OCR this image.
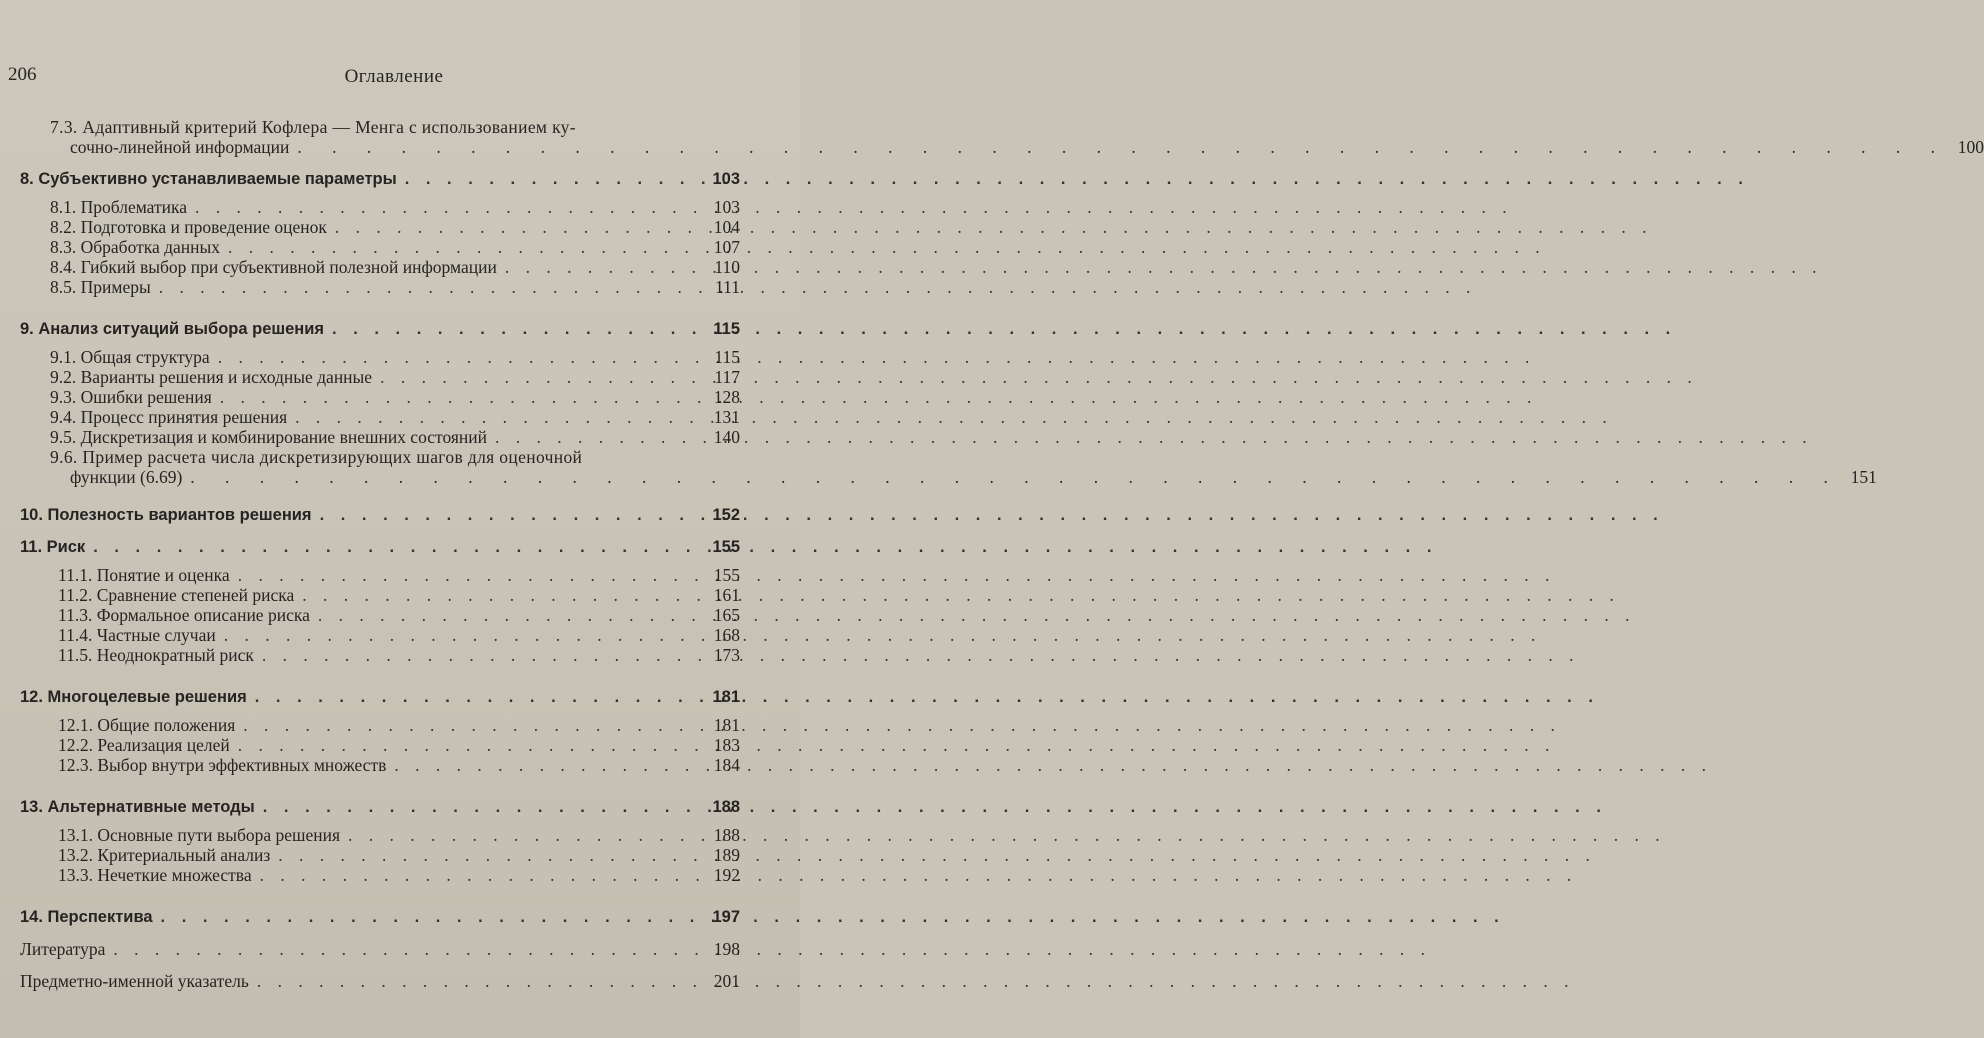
206	Оглавление
7.3. Адаптивный критерий Кофлера — Менга с использованием ку-
сочно-линейной информации . . .	100
8. Субъективно устанавливаемые параметры . . .	103
8.1. Проблематика . . .	103
8.2. Подготовка и проведение оценок . . .	104
8.3. Обработка данных . . .	107
8.4. Гибкий выбор при субъективной полезной информации . . .	110
8.5. Примеры . . .	111
9. Анализ ситуаций выбора решения . . .	115
9.1. Общая структура . . .	115
9.2. Варианты решения и исходные данные . . .	117
9.3. Ошибки решения . . .	128
9.4. Процесс принятия решения . . .	131
9.5. Дискретизация и комбинирование внешних состояний . . .	140
9.6. Пример расчета числа дискретизирующих шагов для оценочной
функции (6.69) . . .	151
10. Полезность вариантов решения . . .	152
11. Риск . . .	155
11.1. Понятие и оценка . . .	155
11.2. Сравнение степеней риска . . .	161
11.3. Формальное описание риска . . .	165
11.4. Частные случаи . . .	168
11.5. Неоднократный риск . . .	173
12. Многоцелевые решения . . .	181
12.1. Общие положения . . .	181
12.2. Реализация целей . . .	183
12.3. Выбор внутри эффективных множеств . . .	184
13. Альтернативные методы . . .	188
13.1. Основные пути выбора решения . . .	188
13.2. Критериальный анализ . . .	189
13.3. Нечеткие множества . . .	192
14. Перспектива . . .	197
Литература . . .	198
Предметно-именной указатель . . .	201
